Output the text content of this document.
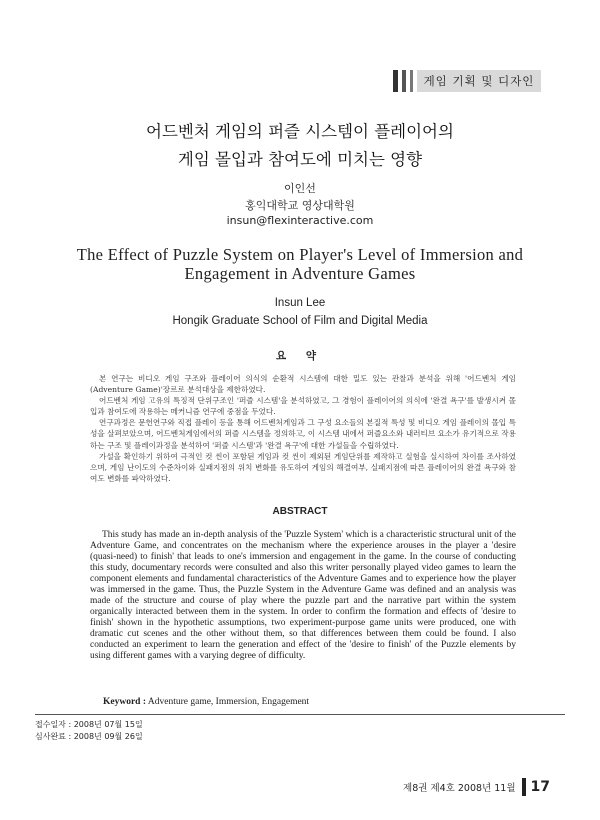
게임 기획 및 디자인
어드벤처 게임의 퍼즐 시스템이 플레이어의
게임 몰입과 참여도에 미치는 영향
이인선
홍익대학교 영상대학원
insun@flexinteractive.com
The Effect of Puzzle System on Player's Level of Immersion and
Engagement in Adventure Games
Insun Lee
Hongik Graduate School of Film and Digital Media
요 약

본 연구는 비디오 게임 구조와 플레이어 의식의 순환적 시스템에 대한 밀도 있는 관찰과 분석을 위해 '어드벤처 게임(Adventure Game)'장르로 분석대상을 제한하였다.

어드벤처 게임 고유의 특징적 단위구조인 '퍼즐 시스템'을 분석하였고, 그 경험이 플레이어의 의식에 '완결 욕구'를 발생시켜 몰입과 참여도에 작용하는 메커니즘 연구에 중점을 두었다.

연구과정은 문헌연구와 직접 플레이 등을 통해 어드벤처게임과 그 구성 요소들의 본질적 특성 및 비디오 게임 플레이의 몰입 특성을 살펴보았으며, 어드벤처게임에서의 퍼즐 시스템을 정의하고, 이 시스템 내에서 퍼즐요소와 내러티브 요소가 유기적으로 작용하는 구조 및 플레이과정을 분석하여 '퍼즐 시스템'과 '완결 욕구'에 대한 가설들을 수립하였다.

가설을 확인하기 위하여 극적인 컷 씬이 포함된 게임과 컷 씬이 제외된 게임단위를 제작하고 실험을 실시하여 차이를 조사하였으며, 게임 난이도의 수준차이와 실패지점의 위치 변화를 유도하여 게임의 해결여부, 실패지점에 따른 플레이어의 완결 욕구와 참여도 변화를 파악하였다.

ABSTRACT

This study has made an in-depth analysis of the 'Puzzle System' which is a characteristic structural unit of the Adventure Game, and concentrates on the mechanism where the experience arouses in the player a 'desire (quasi-need) to finish' that leads to one's immersion and engagement in the game. In the course of conducting this study, documentary records were consulted and also this writer personally played video games to learn the component elements and fundamental characteristics of the Adventure Games and to experience how the player was immersed in the game. Thus, the Puzzle System in the Adventure Game was defined and an analysis was made of the structure and course of play where the puzzle part and the narrative part within the system organically interacted between them in the system. In order to confirm the formation and effects of 'desire to finish' shown in the hypothetic assumptions, two experiment-purpose game units were produced, one with dramatic cut scenes and the other without them, so that differences between them could be found. I also conducted an experiment to learn the generation and effect of the 'desire to finish' of the Puzzle elements by using different games with a varying degree of difficulty.

Keyword : Adventure game, Immersion, Engagement
접수일자 : 2008년 07월 15일
심사완료 : 2008년 09월 26일
제8권 제4호 2008년 11월 17
